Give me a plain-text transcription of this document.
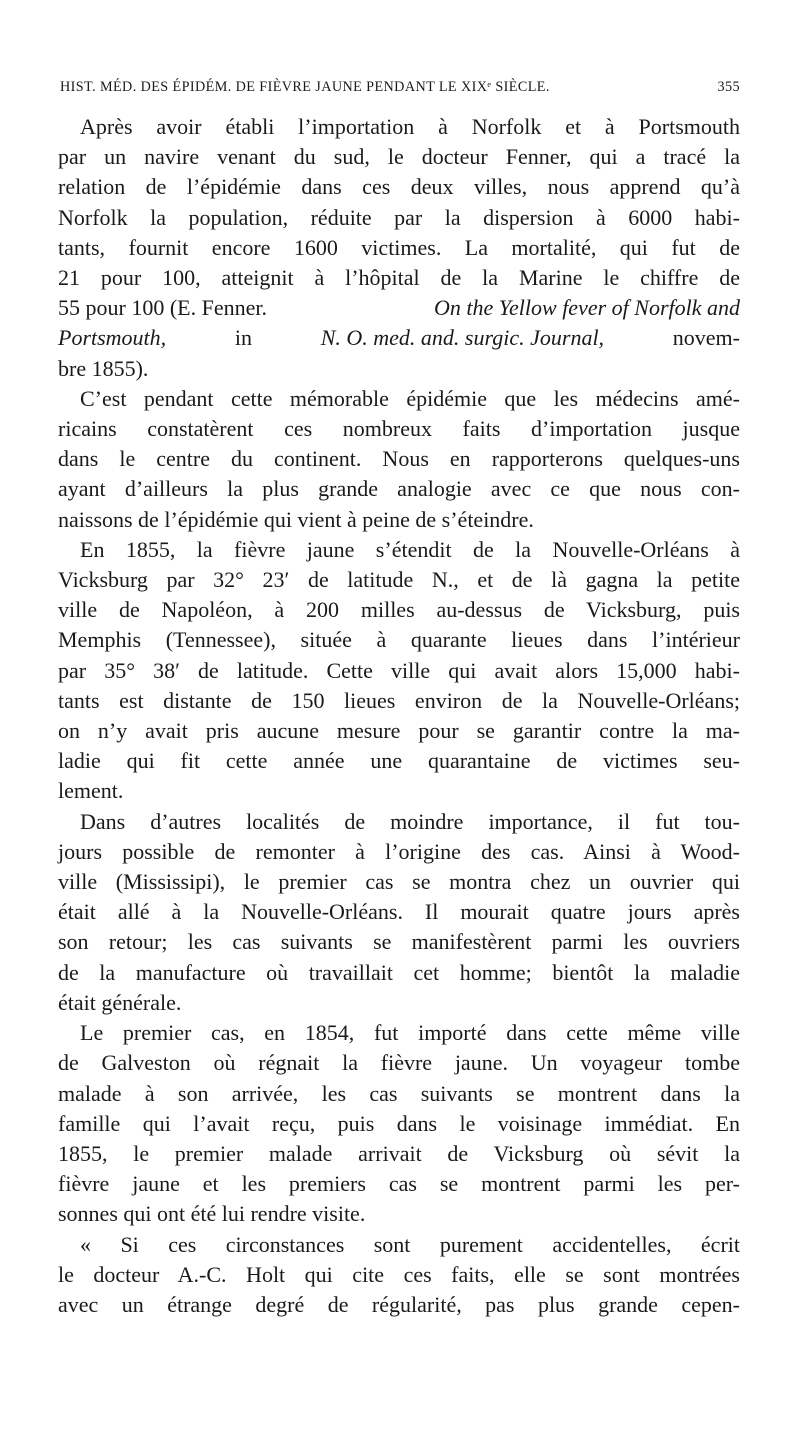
HIST. MÉD. DES ÉPIDÉM. DE FIÈVRE JAUNE PENDANT LE XIXᵉ SIÈCLE.	355

Après avoir établi l’importation à Norfolk et à Portsmouth
par un navire venant du sud, le docteur Fenner, qui a tracé la
relation de l’épidémie dans ces deux villes, nous apprend qu’à
Norfolk la population, réduite par la dispersion à 6000 habi-
tants, fournit encore 1600 victimes. La mortalité, qui fut de
21 pour 100, atteignit à l’hôpital de la Marine le chiffre de
55 pour 100 (E. Fenner.	On the Yellow fever of Norfolk and
Portsmouth,	in	N. O. med. and. surgic. Journal,	novem-
bre 1855).

C’est pendant cette mémorable épidémie que les médecins amé-
ricains constatèrent ces nombreux faits d’importation jusque
dans le centre du continent. Nous en rapporterons quelques-uns
ayant d’ailleurs la plus grande analogie avec ce que nous con-
naissons de l’épidémie qui vient à peine de s’éteindre.

En 1855, la fièvre jaune s’étendit de la Nouvelle-Orléans à
Vicksburg par 32° 23′ de latitude N., et de là gagna la petite
ville de Napoléon, à 200 milles au-dessus de Vicksburg, puis
Memphis (Tennessee), située à quarante lieues dans l’intérieur
par 35° 38′ de latitude. Cette ville qui avait alors 15,000 habi-
tants est distante de 150 lieues environ de la Nouvelle-Orléans;
on n’y avait pris aucune mesure pour se garantir contre la ma-
ladie qui fit cette année une quarantaine de victimes seu-
lement.

Dans d’autres localités de moindre importance, il fut tou-
jours possible de remonter à l’origine des cas. Ainsi à Wood-
ville (Mississipi), le premier cas se montra chez un ouvrier qui
était allé à la Nouvelle-Orléans. Il mourait quatre jours après
son retour; les cas suivants se manifestèrent parmi les ouvriers
de la manufacture où travaillait cet homme; bientôt la maladie
était générale.

Le premier cas, en 1854, fut importé dans cette même ville
de Galveston où régnait la fièvre jaune. Un voyageur tombe
malade à son arrivée, les cas suivants se montrent dans la
famille qui l’avait reçu, puis dans le voisinage immédiat. En
1855, le premier malade arrivait de Vicksburg où sévit la
fièvre jaune et les premiers cas se montrent parmi les per-
sonnes qui ont été lui rendre visite.

« Si ces circonstances sont purement accidentelles, écrit
le docteur A.-C. Holt qui cite ces faits, elle se sont montrées
avec un étrange degré de régularité, pas plus grande cepen-
